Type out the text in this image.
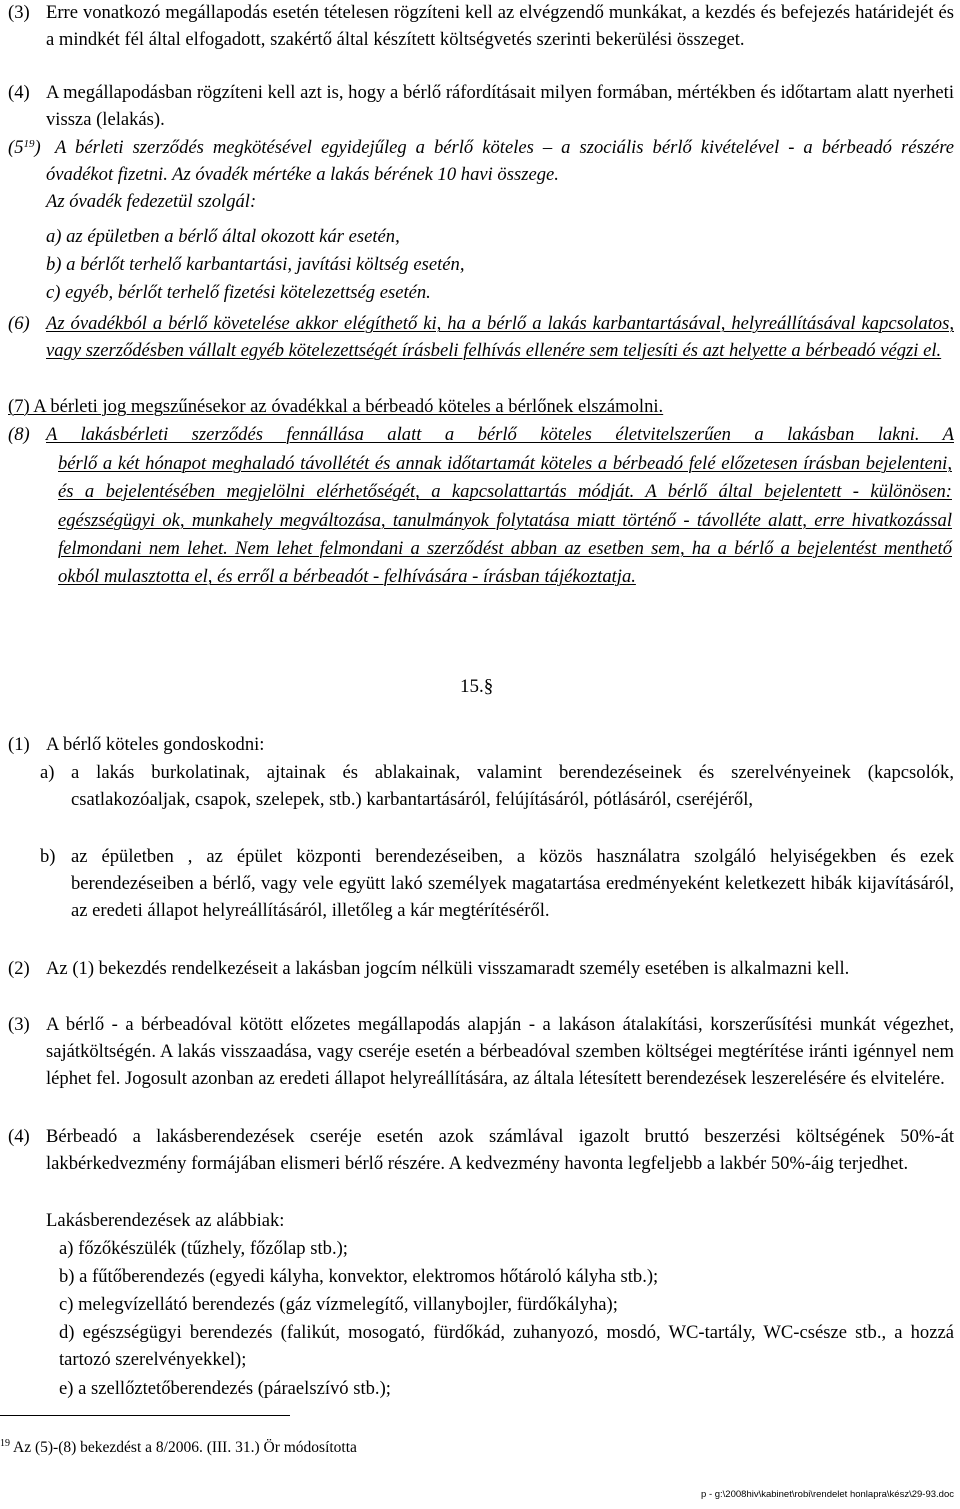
(3) Erre vonatkozó megállapodás esetén tételesen rögzíteni kell az elvégzendő munkákat, a kezdés és befejezés határidejét és a mindkét fél által elfogadott, szakértő által készített költségvetés szerinti bekerülési összeget.
(4) A megállapodásban rögzíteni kell azt is, hogy a bérlő ráfordításait milyen formában, mértékben és időtartam alatt nyerheti vissza (lelakás).
(5$^{19}$) A bérleti szerződés megkötésével egyidejűleg a bérlő köteles – a szociális bérlő kivételével - a bérbeadó részére óvadékot fizetni. Az óvadék mértéke a lakás bérének 10 havi összege.
Az óvadék fedezetül szolgál:
a) az épületben a bérlő által okozott kár esetén,
b) a bérlőt terhelő karbantartási, javítási költség esetén,
c) egyéb, bérlőt terhelő fizetési kötelezettség esetén.
(6) Az óvadékból a bérlő követelése akkor elégíthető ki, ha a bérlő a lakás karbantartásával, helyreállításával kapcsolatos, vagy szerződésben vállalt egyéb kötelezettségét írásbeli felhívás ellenére sem teljesíti és azt helyette a bérbeadó végzi el.
(7) A bérleti jog megszűnésekor az óvadékkal a bérbeadó köteles a bérlőnek elszámolni.
(8) A lakásbérleti szerződés fennállása alatt a bérlő köteles életvitelszerűen a lakásban lakni. A
bérlő a két hónapot meghaladó távollétét és annak időtartamát köteles a bérbeadó felé előzetesen írásban bejelenteni, és a bejelentésében megjelölni elérhetőségét, a kapcsolattartás módját. A bérlő által bejelentett - különösen: egészségügyi ok, munkahely megváltozása, tanulmányok folytatása miatt történő - távolléte alatt, erre hivatkozással felmondani nem lehet. Nem lehet felmondani a szerződést abban az esetben sem, ha a bérlő a bejelentést menthető okból mulasztotta el, és erről a bérbeadót - felhívására - írásban tájékoztatja.
15.§
(1) A bérlő köteles gondoskodni:
a) a lakás burkolatinak, ajtainak és ablakainak, valamint berendezéseinek és szerelvényeinek (kapcsolók, csatlakozóaljak, csapok, szelepek, stb.) karbantartásáról, felújításáról, pótlásáról, cseréjéről,
b) az épületben , az épület központi berendezéseiben, a közös használatra szolgáló helyiségekben és ezek berendezéseiben a bérlő, vagy vele együtt lakó személyek magatartása eredményeként keletkezett hibák kijavításáról, az eredeti állapot helyreállításáról, illetőleg a kár megtérítéséről.
(2) Az (1) bekezdés rendelkezéseit a lakásban jogcím nélküli visszamaradt személy esetében is alkalmazni kell.
(3) A bérlő - a bérbeadóval kötött előzetes megállapodás alapján - a lakáson átalakítási, korszerűsítési munkát végezhet, sajátköltségén. A lakás visszaadása, vagy cseréje esetén a bérbeadóval szemben költségei megtérítése iránti igénnyel nem léphet fel. Jogosult azonban az eredeti állapot helyreállítására, az általa létesített berendezések leszerelésére és elvitelére.
(4) Bérbeadó a lakásberendezések cseréje esetén azok számlával igazolt bruttó beszerzési költségének 50%-át lakbérkedvezmény formájában elismeri bérlő részére. A kedvezmény havonta legfeljebb a lakbér 50%-áig terjedhet.
Lakásberendezések az alábbiak:
a) főzőkészülék (tűzhely, főzőlap stb.);
b) a fűtőberendezés (egyedi kályha, konvektor, elektromos hőtároló kályha stb.);
c) melegvízellátó berendezés (gáz vízmelegítő, villanybojler, fürdőkályha);
d) egészségügyi berendezés (falikút, mosogató, fürdőkád, zuhanyozó, mosdó, WC-tartály, WC-csésze stb., a hozzá tartozó szerelvényekkel);
e) a szellőztetőberendezés (páraelszívó stb.);
$^{19}$ Az (5)-(8) bekezdést a 8/2006. (III. 31.) Ör módosította
p - g:\2008hiv\kabinet\robi\rendelet honlapra\kész\29-93.doc
